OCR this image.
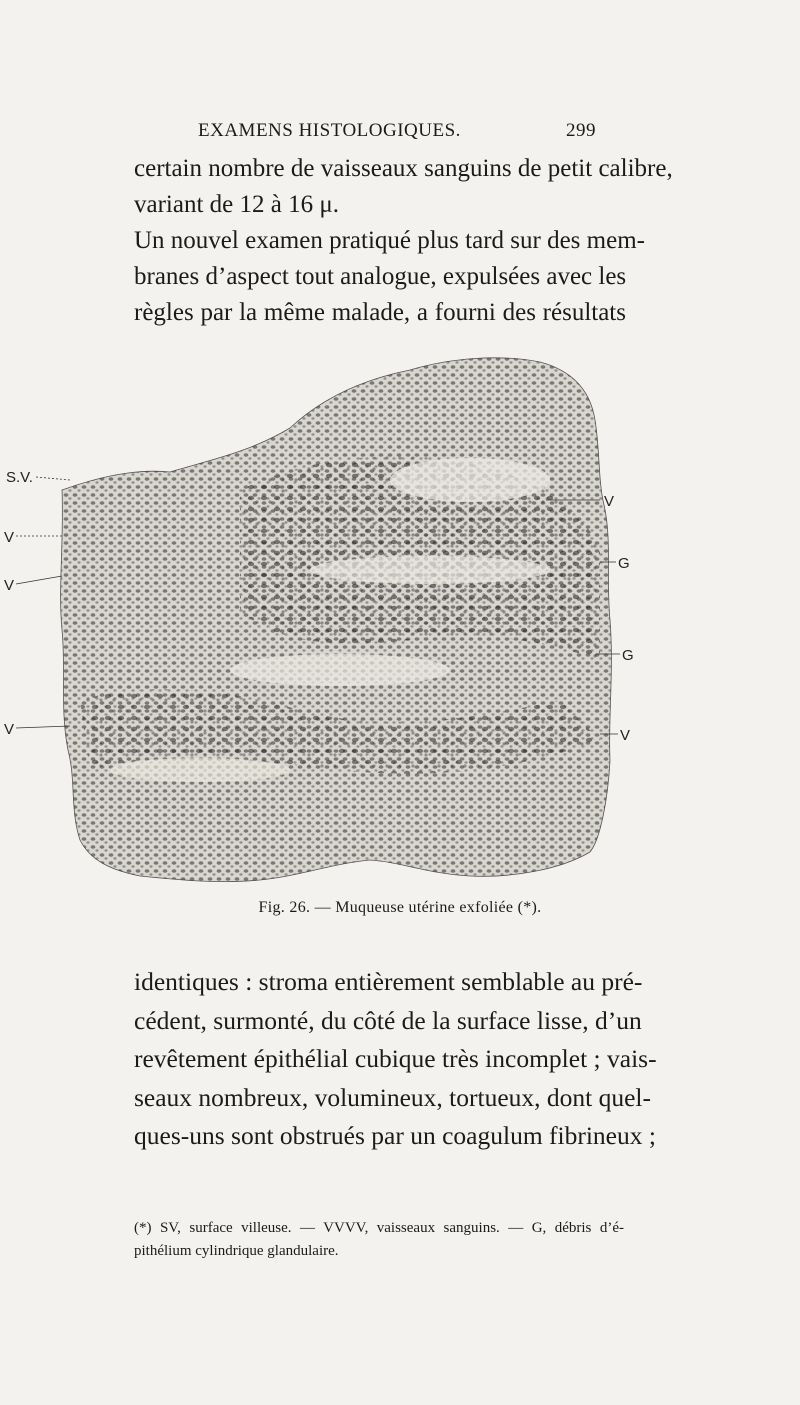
EXAMENS HISTOLOGIQUES.	299
certain nombre de vaisseaux sanguins de petit calibre,
variant de 12 à 16 μ.
Un nouvel examen pratiqué plus tard sur des mem-
branes d’aspect tout analogue, expulsées avec les
règles par la même malade, a fourni des résultats
S.V.
V
V
V
V
G
G
V
Fig. 26. — Muqueuse utérine exfoliée (*).
identiques : stroma entièrement semblable au pré-
cédent, surmonté, du côté de la surface lisse, d’un
revêtement épithélial cubique très incomplet ; vais-
seaux nombreux, volumineux, tortueux, dont quel-
ques-uns sont obstrués par un coagulum fibrineux ;
(*) SV, surface villeuse. — VVVV, vaisseaux sanguins. — G, débris d’é-
pithélium cylindrique glandulaire.
